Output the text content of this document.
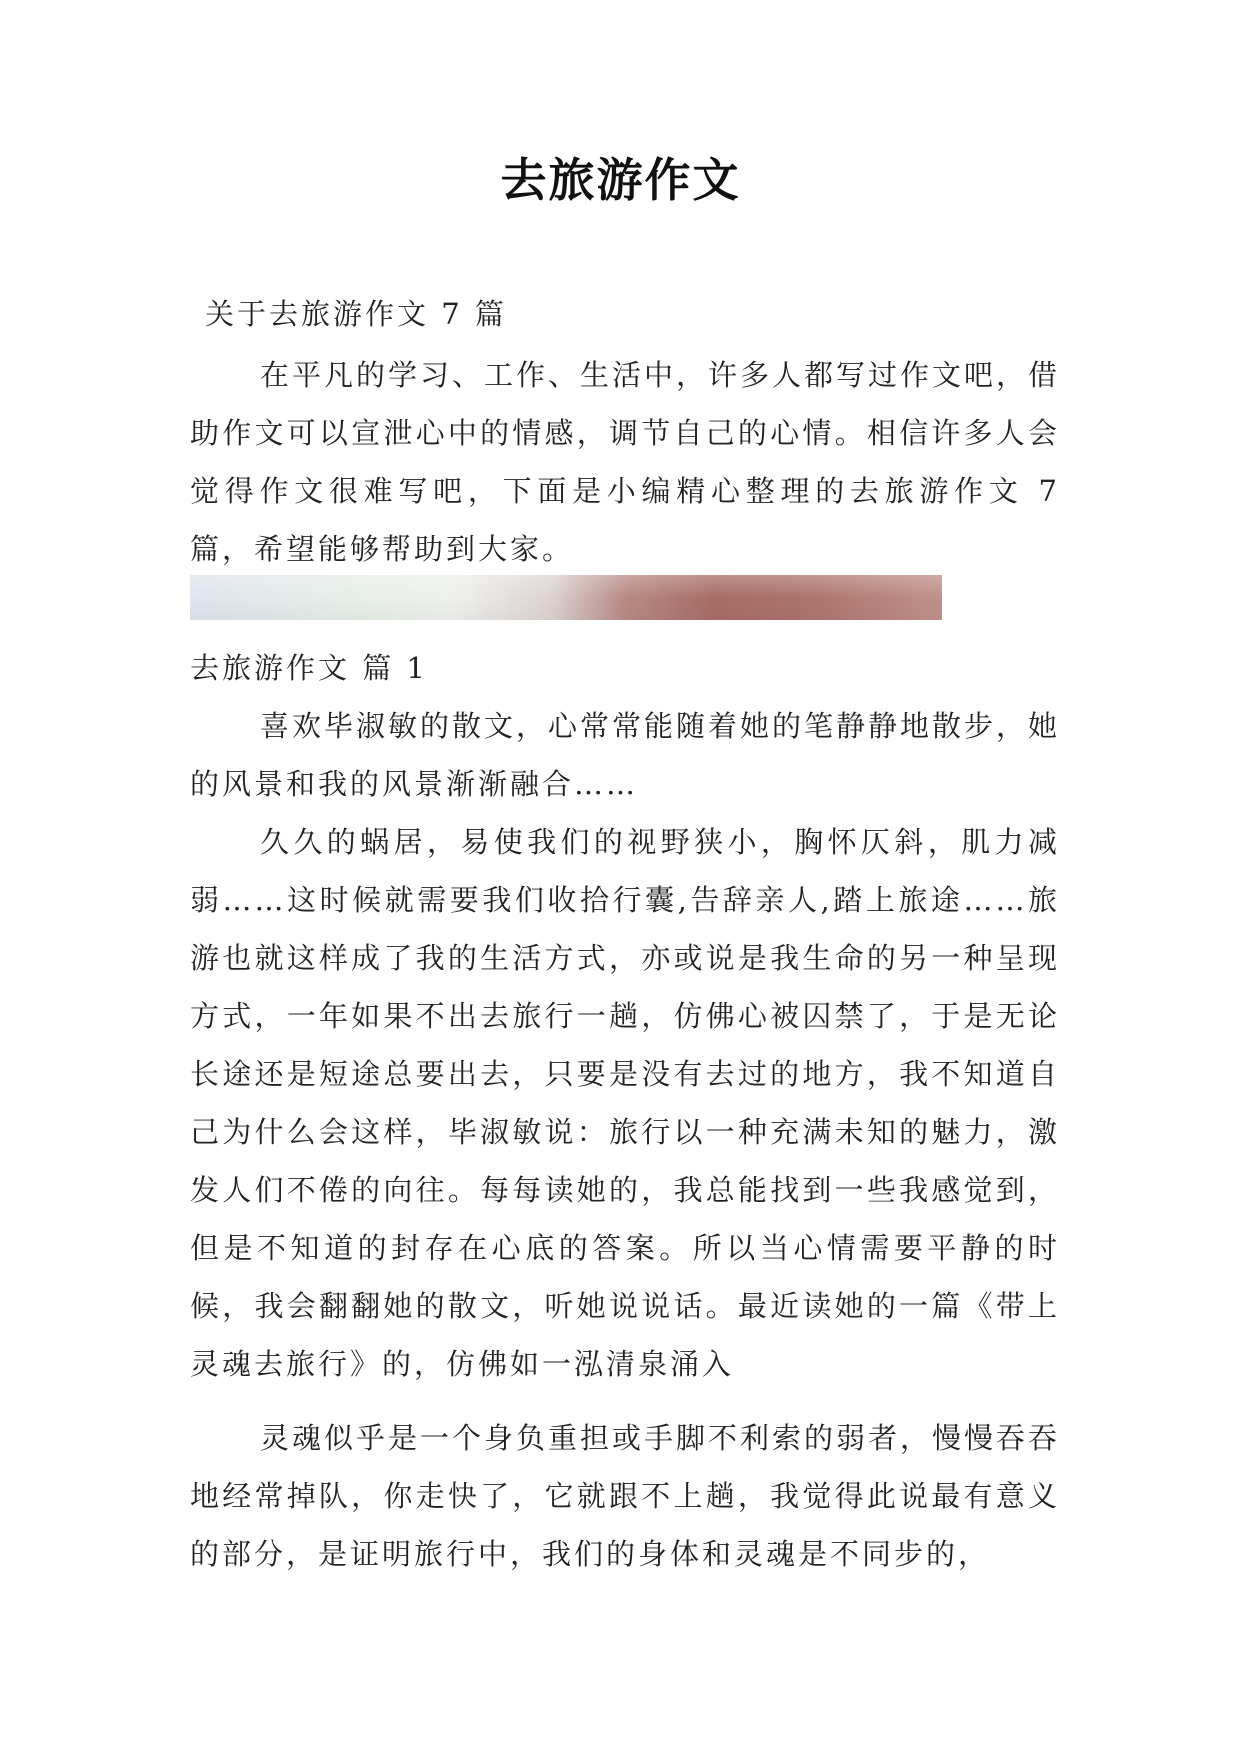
去旅游作文

关于去旅游作文 7 篇

在平凡的学习、工作、生活中，许多人都写过作文吧，借助作文可以宣泄心中的情感，调节自己的心情。相信许多人会觉得作文很难写吧，下面是小编精心整理的去旅游作文 7 篇，希望能够帮助到大家。

去旅游作文 篇 1

喜欢毕淑敏的散文，心常常能随着她的笔静静地散步，她的风景和我的风景渐渐融合……

久久的蜗居，易使我们的视野狭小，胸怀仄斜，肌力减弱……这时候就需要我们收拾行囊,告辞亲人,踏上旅途……旅游也就这样成了我的生活方式，亦或说是我生命的另一种呈现方式，一年如果不出去旅行一趟，仿佛心被囚禁了，于是无论长途还是短途总要出去，只要是没有去过的地方，我不知道自己为什么会这样，毕淑敏说：旅行以一种充满未知的魅力，激发人们不倦的向往。每每读她的，我总能找到一些我感觉到，但是不知道的封存在心底的答案。所以当心情需要平静的时候，我会翻翻她的散文，听她说说话。最近读她的一篇《带上灵魂去旅行》的，仿佛如一泓清泉涌入

灵魂似乎是一个身负重担或手脚不利索的弱者，慢慢吞吞地经常掉队，你走快了，它就跟不上趟，我觉得此说最有意义的部分，是证明旅行中，我们的身体和灵魂是不同步的，
